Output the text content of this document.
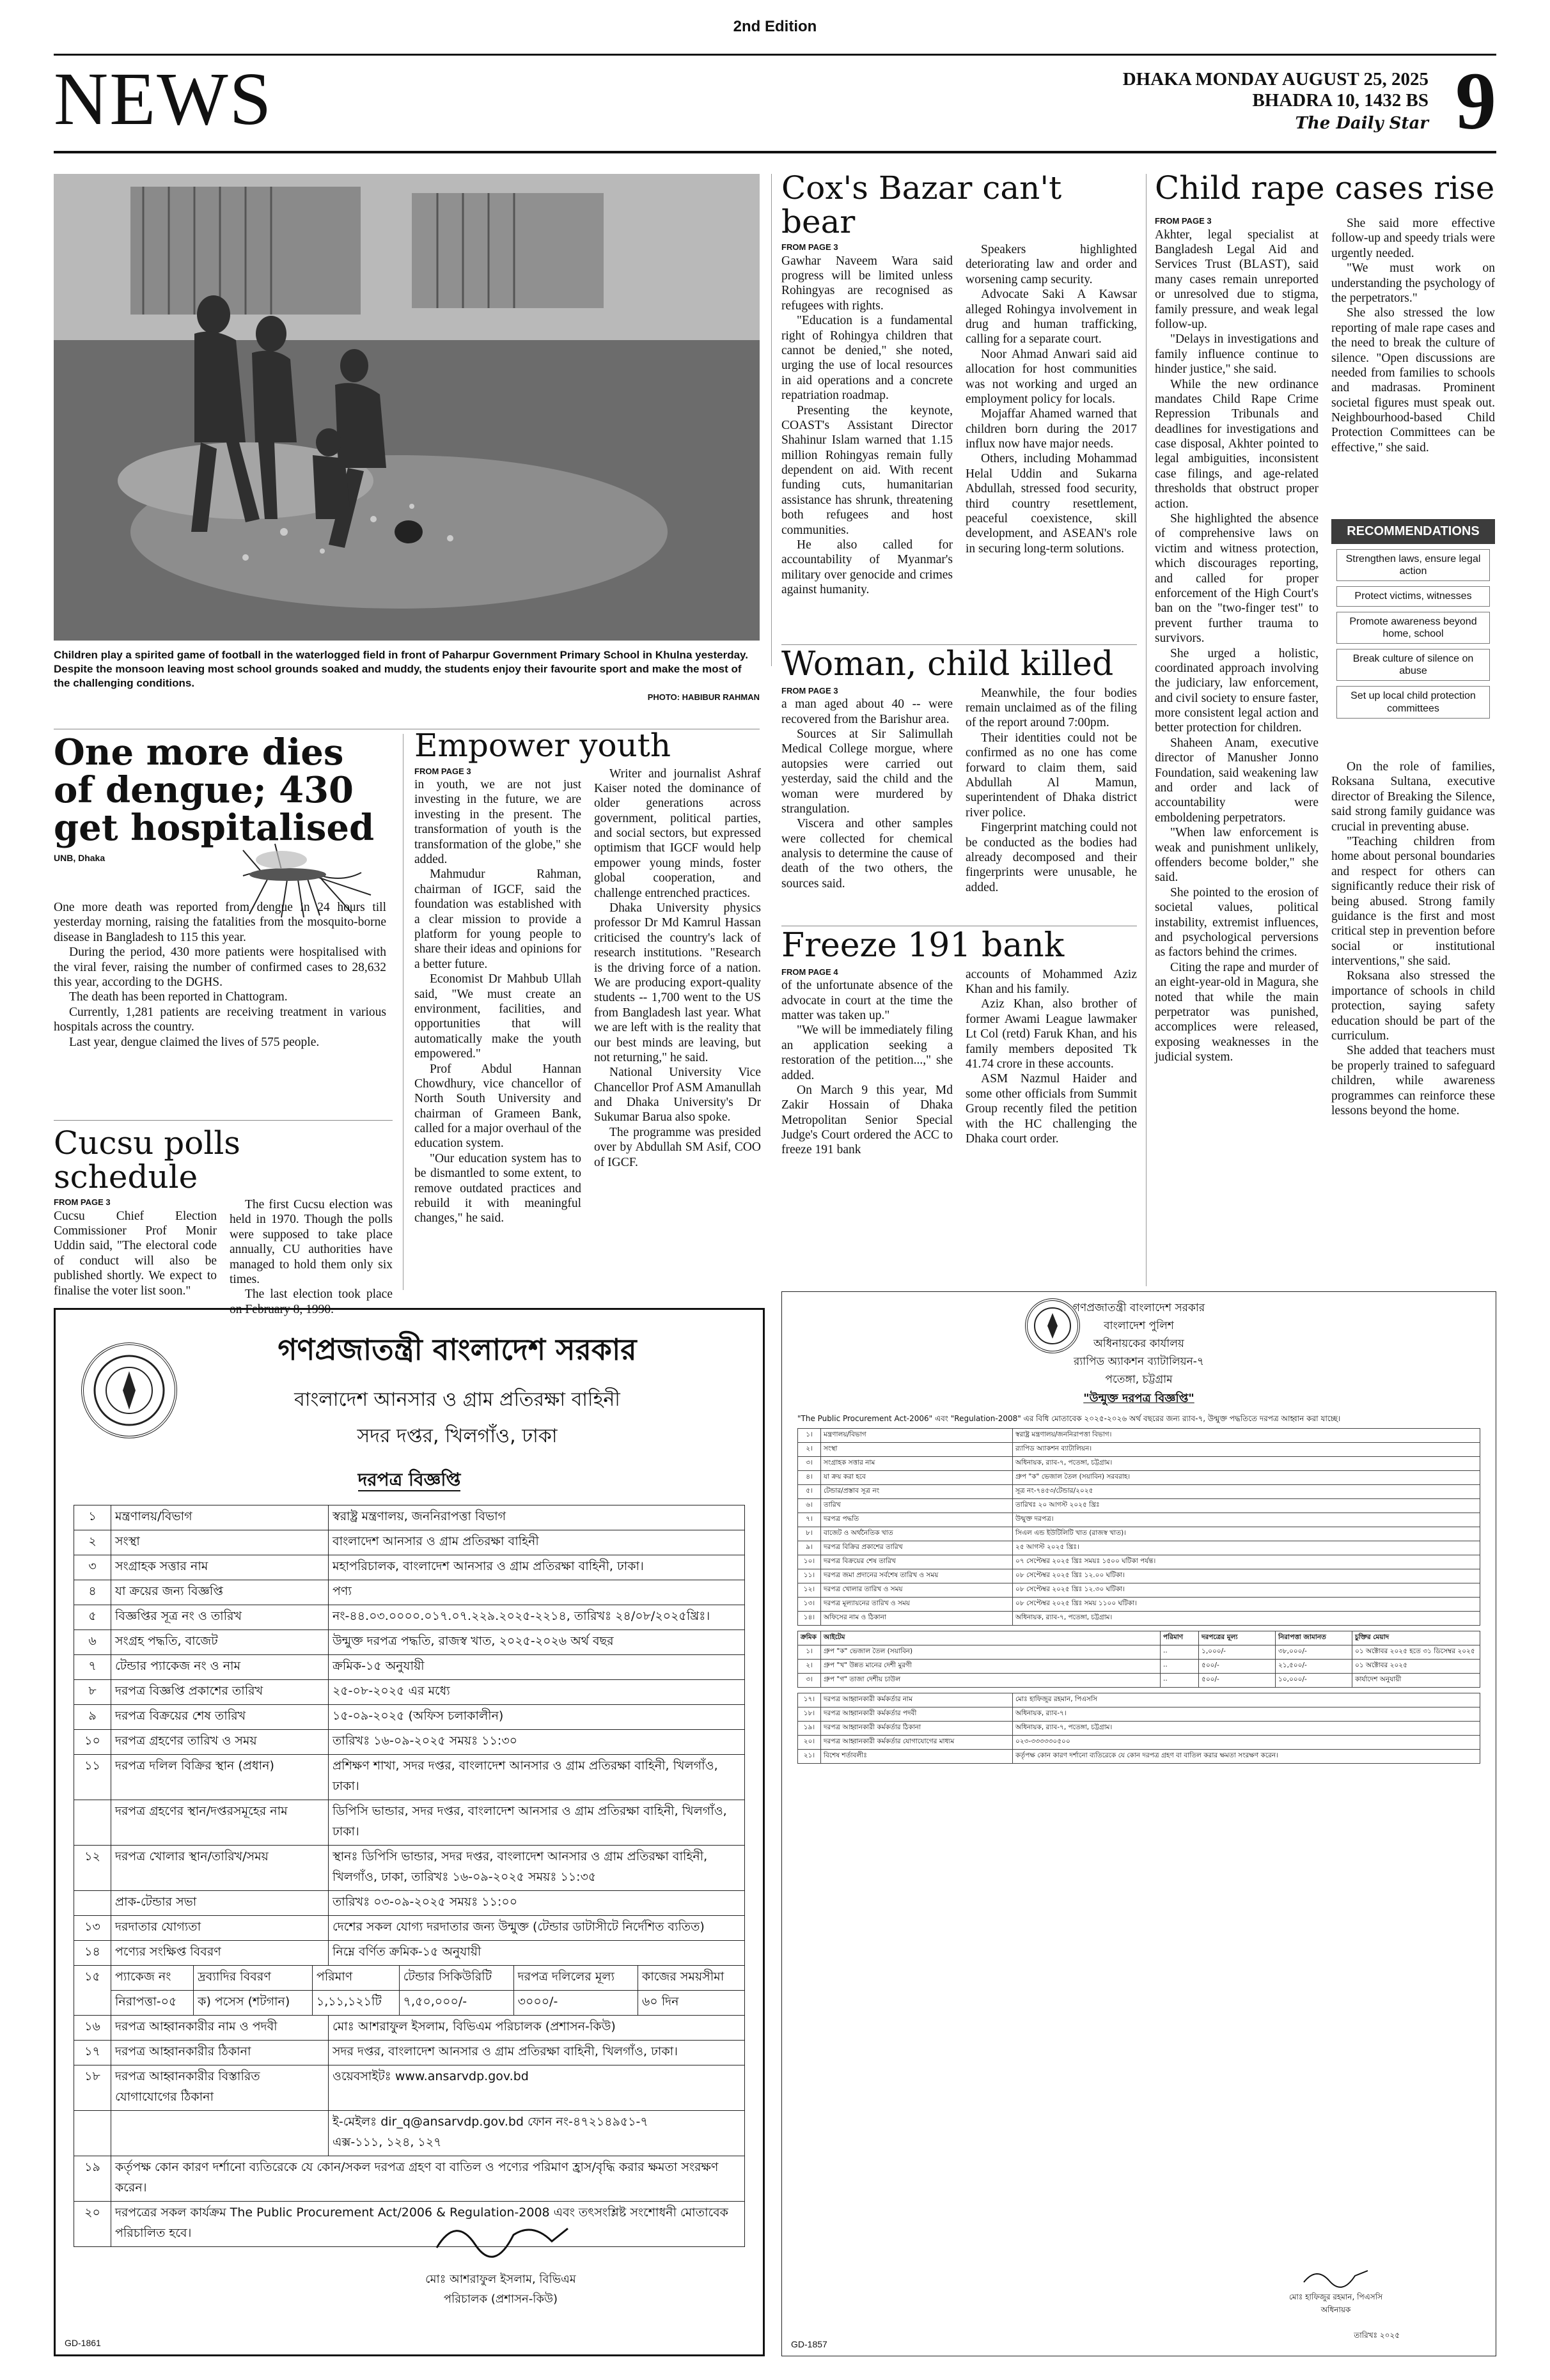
2nd Edition
NEWS	DHAKA MONDAY AUGUST 25, 2025
BHADRA 10, 1432 BS
The Daily Star 9
Children play a spirited game of football in the waterlogged field in front of Paharpur Government Primary School in Khulna yesterday. Despite the monsoon leaving most school grounds soaked and muddy, the students enjoy their favourite sport and make the most of the challenging conditions.
PHOTO: HABIBUR RAHMAN
Cox's Bazar can't bear
FROM PAGE 3

Gawhar Naveem Wara said progress will be limited unless Rohingyas are recognised as refugees with rights.

"Education is a fundamental right of Rohingya children that cannot be denied," she noted, urging the use of local resources in aid operations and a concrete repatriation roadmap.

Presenting the keynote, COAST's Assistant Director Shahinur Islam warned that 1.15 million Rohingyas remain fully dependent on aid. With recent funding cuts, humanitarian assistance has shrunk, threatening both refugees and host communities.

He also called for accountability of Myanmar's military over genocide and crimes against humanity.

Speakers highlighted deteriorating law and order and worsening camp security.

Advocate Saki A Kawsar alleged Rohingya involvement in drug and human trafficking, calling for a separate court.

Noor Ahmad Anwari said aid allocation for host communities was not working and urged an employment policy for locals.

Mojaffar Ahamed warned that children born during the 2017 influx now have major needs.

Others, including Mohammad Helal Uddin and Sukarna Abdullah, stressed food security, third country resettlement, peaceful coexistence, skill development, and ASEAN's role in securing long-term solutions.

Woman, child killed
FROM PAGE 3

a man aged about 40 -- were recovered from the Barishur area.

Sources at Sir Salimullah Medical College morgue, where autopsies were carried out yesterday, said the child and the woman were murdered by strangulation.

Viscera and other samples were collected for chemical analysis to determine the cause of death of the two others, the sources said.

Meanwhile, the four bodies remain unclaimed as of the filing of the report around 7:00pm.

Their identities could not be confirmed as no one has come forward to claim them, said Abdullah Al Mamun, superintendent of Dhaka district river police.

Fingerprint matching could not be conducted as the bodies had already decomposed and their fingerprints were unusable, he added.

Freeze 191 bank
FROM PAGE 4

of the unfortunate absence of the advocate in court at the time the matter was taken up."

"We will be immediately filing an application seeking a restoration of the petition...," she added.

On March 9 this year, Md Zakir Hossain of Dhaka Metropolitan Senior Special Judge's Court ordered the ACC to freeze 191 bank

accounts of Mohammed Aziz Khan and his family.

Aziz Khan, also brother of former Awami League lawmaker Lt Col (retd) Faruk Khan, and his family members deposited Tk 41.74 crore in these accounts.

ASM Nazmul Haider and some other officials from Summit Group recently filed the petition with the HC challenging the Dhaka court order.

Child rape cases rise
FROM PAGE 3

Akhter, legal specialist at Bangladesh Legal Aid and Services Trust (BLAST), said many cases remain unreported or unresolved due to stigma, family pressure, and weak legal follow-up.

"Delays in investigations and family influence continue to hinder justice," she said.

While the new ordinance mandates Child Rape Crime Repression Tribunals and deadlines for investigations and case disposal, Akhter pointed to legal ambiguities, inconsistent case filings, and age-related thresholds that obstruct proper action.

She highlighted the absence of comprehensive laws on victim and witness protection, which discourages reporting, and called for proper enforcement of the High Court's ban on the "two-finger test" to prevent further trauma to survivors.

She urged a holistic, coordinated approach involving the judiciary, law enforcement, and civil society to ensure faster, more consistent legal action and better protection for children.

Shaheen Anam, executive director of Manusher Jonno Foundation, said weakening law and order and lack of accountability were emboldening perpetrators.

"When law enforcement is weak and punishment unlikely, offenders become bolder," she said.

She pointed to the erosion of societal values, political instability, extremist influences, and psychological perversions as factors behind the crimes.

Citing the rape and murder of an eight-year-old in Magura, she noted that while the main perpetrator was punished, accomplices were released, exposing weaknesses in the judicial system.

She said more effective follow-up and speedy trials were urgently needed.

"We must work on understanding the psychology of the perpetrators."

She also stressed the low reporting of male rape cases and the need to break the culture of silence. "Open discussions are needed from families to schools and madrasas. Prominent societal figures must speak out. Neighbourhood-based Child Protection Committees can be effective," she said.

RECOMMENDATIONS
Strengthen laws, ensure legal action
Protect victims, witnesses
Promote awareness beyond home, school
Break culture of silence on abuse
Set up local child protection committees

On the role of families, Roksana Sultana, executive director of Breaking the Silence, said strong family guidance was crucial in preventing abuse.

"Teaching children from home about personal boundaries and respect for others can significantly reduce their risk of being abused. Strong family guidance is the first and most critical step in prevention before social or institutional interventions," she said.

Roksana also stressed the importance of schools in child protection, saying safety education should be part of the curriculum.

She added that teachers must be properly trained to safeguard children, while awareness programmes can reinforce these lessons beyond the home.

One more dies of dengue; 430 get hospitalised
UNB, Dhaka

One more death was reported from dengue in 24 hours till yesterday morning, raising the fatalities from the mosquito-borne disease in Bangladesh to 115 this year.

During the period, 430 more patients were hospitalised with the viral fever, raising the number of confirmed cases to 28,632 this year, according to the DGHS.

The death has been reported in Chattogram.

Currently, 1,281 patients are receiving treatment in various hospitals across the country.

Last year, dengue claimed the lives of 575 people.

Empower youth
FROM PAGE 3

in youth, we are not just investing in the future, we are investing in the present. The transformation of youth is the transformation of the globe," she added.

Mahmudur Rahman, chairman of IGCF, said the foundation was established with a clear mission to provide a platform for young people to share their ideas and opinions for a better future.

Economist Dr Mahbub Ullah said, "We must create an environment, facilities, and opportunities that will automatically make the youth empowered."

Prof Abdul Hannan Chowdhury, vice chancellor of North South University and chairman of Grameen Bank, called for a major overhaul of the education system.

"Our education system has to be dismantled to some extent, to remove outdated practices and rebuild it with meaningful changes," he said.

Writer and journalist Ashraf Kaiser noted the dominance of older generations across government, political parties, and social sectors, but expressed optimism that IGCF would help empower young minds, foster global cooperation, and challenge entrenched practices.

Dhaka University physics professor Dr Md Kamrul Hassan criticised the country's lack of research institutions. "Research is the driving force of a nation. We are producing export-quality students -- 1,700 went to the US from Bangladesh last year. What we are left with is the reality that our best minds are leaving, but not returning," he said.

National University Vice Chancellor Prof ASM Amanullah and Dhaka University's Dr Sukumar Barua also spoke.

The programme was presided over by Abdullah SM Asif, COO of IGCF.

Cucsu polls schedule
FROM PAGE 3

Cucsu Chief Election Commissioner Prof Monir Uddin said, "The electoral code of conduct will also be published shortly. We expect to finalise the voter list soon."

The first Cucsu election was held in 1970. Though the polls were supposed to take place annually, CU authorities have managed to hold them only six times.

The last election took place on February 8, 1990.

গণপ্রজাতন্ত্রী বাংলাদেশ সরকার
বাংলাদেশ আনসার ও গ্রাম প্রতিরক্ষা বাহিনী
সদর দপ্তর, খিলগাঁও, ঢাকা
দরপত্র বিজ্ঞপ্তি
১	মন্ত্রণালয়/বিভাগ	স্বরাষ্ট্র মন্ত্রণালয়, জননিরাপত্তা বিভাগ
২	সংস্থা	বাংলাদেশ আনসার ও গ্রাম প্রতিরক্ষা বাহিনী
৩	সংগ্রাহক সত্তার নাম	মহাপরিচালক, বাংলাদেশ আনসার ও গ্রাম প্রতিরক্ষা বাহিনী, ঢাকা।
৪	যা ক্রয়ের জন্য বিজ্ঞপ্তি	পণ্য
৫	বিজ্ঞপ্তির সূত্র নং ও তারিখ	নং-৪৪.০৩.০০০০.০১৭.০৭.২২৯.২০২৫-২২১৪, তারিখঃ ২৪/০৮/২০২৫খ্রিঃ।
৬	সংগ্রহ পদ্ধতি, বাজেট	উন্মুক্ত দরপত্র পদ্ধতি, রাজস্ব খাত, ২০২৫-২০২৬ অর্থ বছর
৭	টেন্ডার প্যাকেজ নং ও নাম	ক্রমিক-১৫ অনুযায়ী
৮	দরপত্র বিজ্ঞপ্তি প্রকাশের তারিখ	২৫-০৮-২০২৫ এর মধ্যে
৯	দরপত্র বিক্রয়ের শেষ তারিখ	১৫-০৯-২০২৫ (অফিস চলাকালীন)
১০	দরপত্র গ্রহণের তারিখ ও সময়	তারিখঃ ১৬-০৯-২০২৫ সময়ঃ ১১:৩০
১১	দরপত্র দলিল বিক্রির স্থান (প্রধান)	প্রশিক্ষণ শাখা, সদর দপ্তর, বাংলাদেশ আনসার ও গ্রাম প্রতিরক্ষা বাহিনী, খিলগাঁও, ঢাকা।
	দরপত্র গ্রহণের স্থান/দপ্তরসমূহের নাম	ডিপিসি ভান্ডার, সদর দপ্তর, বাংলাদেশ আনসার ও গ্রাম প্রতিরক্ষা বাহিনী, খিলগাঁও, ঢাকা।
১২	দরপত্র খোলার স্থান/তারিখ/সময়	স্থানঃ ডিপিসি ভান্ডার, সদর দপ্তর, বাংলাদেশ আনসার ও গ্রাম প্রতিরক্ষা বাহিনী, খিলগাঁও, ঢাকা, তারিখঃ ১৬-০৯-২০২৫ সময়ঃ ১১:৩৫
	প্রাক-টেন্ডার সভা	তারিখঃ ০৩-০৯-২০২৫ সময়ঃ ১১:০০
১৩	দরদাতার যোগ্যতা	দেশের সকল যোগ্য দরদাতার জন্য উন্মুক্ত (টেন্ডার ডাটাসীটে নির্দেশিত ব্যতিত)
১৪	পণ্যের সংক্ষিপ্ত বিবরণ	নিম্নে বর্ণিত ক্রমিক-১৫ অনুযায়ী
১৫	প্যাকেজ নং	দ্রব্যাদির বিবরণ	পরিমাণ	টেন্ডার সিকিউরিটি	দরপত্র দলিলের মূল্য	কাজের সময়সীমা
	নিরাপত্তা-০৫	ক) পসেস (শটগান)	১,১১,১২১টি	৭,৫০,০০০/-	৩০০০/-	৬০ দিন
১৬	দরপত্র আহ্বানকারীর নাম ও পদবী	মোঃ আশরাফুল ইসলাম, বিভিএম পরিচালক (প্রশাসন-কিউ)
১৭	দরপত্র আহ্বানকারীর ঠিকানা	সদর দপ্তর, বাংলাদেশ আনসার ও গ্রাম প্রতিরক্ষা বাহিনী, খিলগাঁও, ঢাকা।
১৮	দরপত্র আহ্বানকারীর বিস্তারিত যোগাযোগের ঠিকানা	ওয়েবসাইটঃ www.ansarvdp.gov.bd

		ই-মেইলঃ dir_q@ansarvdp.gov.bd ফোন নং-৪৭২১৪৯৫১-৭
এক্স-১১১, ১২৪, ১২৭

১৯	কর্তৃপক্ষ কোন কারণ দর্শানো ব্যতিরেকে যে কোন/সকল দরপত্র গ্রহণ বা বাতিল ও পণ্যের পরিমাণ হ্রাস/বৃদ্ধি করার ক্ষমতা সংরক্ষণ করেন।	
২০	দরপত্রের সকল কার্যক্রম The Public Procurement Act/2006 & Regulation-2008 এবং তৎসংশ্লিষ্ট সংশোধনী মোতাবেক পরিচালিত হবে।	
মোঃ আশরাফুল ইসলাম, বিভিএম
পরিচালক (প্রশাসন-কিউ)
GD-1861
গণপ্রজাতন্ত্রী বাংলাদেশ সরকার
বাংলাদেশ পুলিশ
অধিনায়কের কার্যালয়
র‍্যাপিড অ্যাকশন ব্যাটালিয়ন-৭
পতেঙ্গা, চট্টগ্রাম
"উন্মুক্ত দরপত্র বিজ্ঞপ্তি"
"The Public Procurement Act-2006" এবং "Regulation-2008" এর বিধি মোতাবেক ২০২৫-২০২৬ অর্থ বছরের জন্য র‍্যাব-৭, উন্মুক্ত পদ্ধতিতে দরপত্র আহ্বান করা যাচ্ছে।
১।	মন্ত্রণালয়/বিভাগ	স্বরাষ্ট্র মন্ত্রণালয়/জননিরাপত্তা বিভাগ।
২।	সংস্থা	র‍্যাপিড অ্যাকশন ব্যাটালিয়ন।
৩।	সংগ্রাহক সত্তার নাম	অধিনায়ক, র‍্যাব-৭, পতেঙ্গা, চট্টগ্রাম।
৪।	যা ক্রয় করা হবে	গ্রুপ "ক" ভেজাল তৈল (সয়াবিন) সরবরাহ।
৫।	টেন্ডার/প্রস্তাব সূত্র নং	সূত্র নং-৭৪৫৩/টেন্ডার/২০২৫
৬।	তারিখ	তারিখঃ ২০ আগস্ট ২০২৫ খ্রিঃ
৭।	দরপত্র পদ্ধতি	উন্মুক্ত দরপত্র।
৮।	বাজেট ও অর্থনৈতিক খাত	সিএল এন্ড ইউটিলিটি খাত (রাজস্ব খাত)।
৯।	দরপত্র বিক্রির প্রকাশের তারিখ	২৫ আগস্ট ২০২৫ খ্রিঃ।
১০।	দরপত্র বিক্রয়ের শেষ তারিখ	০৭ সেপ্টেম্বর ২০২৫ খ্রিঃ সময়ঃ ১৫০০ ঘটিকা পর্যন্ত।
১১।	দরপত্র জমা প্রদানের সর্বশেষ তারিখ ও সময়	০৮ সেপ্টেম্বর ২০২৫ খ্রিঃ ১২.০০ ঘটিকা।
১২।	দরপত্র খোলার তারিখ ও সময়	০৮ সেপ্টেম্বর ২০২৫ খ্রিঃ ১২.৩০ ঘটিকা।
১৩।	দরপত্র মূল্যায়নের তারিখ ও সময়	০৮ সেপ্টেম্বর ২০২৫ খ্রিঃ সময় ১১০০ ঘটিকা।
১৪।	অফিসের নাম ও ঠিকানা	অধিনায়ক, র‍্যাব-৭, পতেঙ্গা, চট্টগ্রাম।
ক্রমিক	আইটেম	পরিমাণ	দরপত্রের মূল্য	নিরাপত্তা জামানত	চুক্তির মেয়াদ
১।	গ্রুপ "ক" ভেজাল তৈল (সয়াবিন)	..	১,০০০/-	৩৮,০০০/-	০১ অক্টোবর ২০২৫ হতে ৩১ ডিসেম্বর ২০২৫
২।	গ্রুপ "খ" উন্নত মানের দেশী মুরগী	..	৫০০/-	২১,৫০০/-	০১ অক্টোবর ২০২৫
৩।	গ্রুপ "গ" তাজা দেশীয় চাউল	..	৫০০/-	১০,০০০/-	কার্যাদেশ অনুযায়ী
১৭।	দরপত্র আহ্বানকারী কর্মকর্তার নাম	মোঃ হাফিজুর রহমান, পিএসসি
১৮।	দরপত্র আহ্বানকারী কর্মকর্তার পদবী	অধিনায়ক, র‍্যাব-৭।
১৯।	দরপত্র আহ্বানকারী কর্মকর্তার ঠিকানা	অধিনায়ক, র‍্যাব-৭, পতেঙ্গা, চট্টগ্রাম।
২০।	দরপত্র আহ্বানকারী কর্মকর্তার যোগাযোগের মাধ্যম	০২৩-৩৩৩৩৩০৫০০
২১।	বিশেষ শর্তাবলীঃ	কর্তৃপক্ষ কোন কারণ দর্শানো ব্যতিরেকে যে কোন দরপত্র গ্রহণ বা বাতিল করার ক্ষমতা সংরক্ষণ করেন।
মোঃ হাফিজুর রহমান, পিএসসি
অধিনায়ক
তারিখঃ ২০২৫
GD-1857
